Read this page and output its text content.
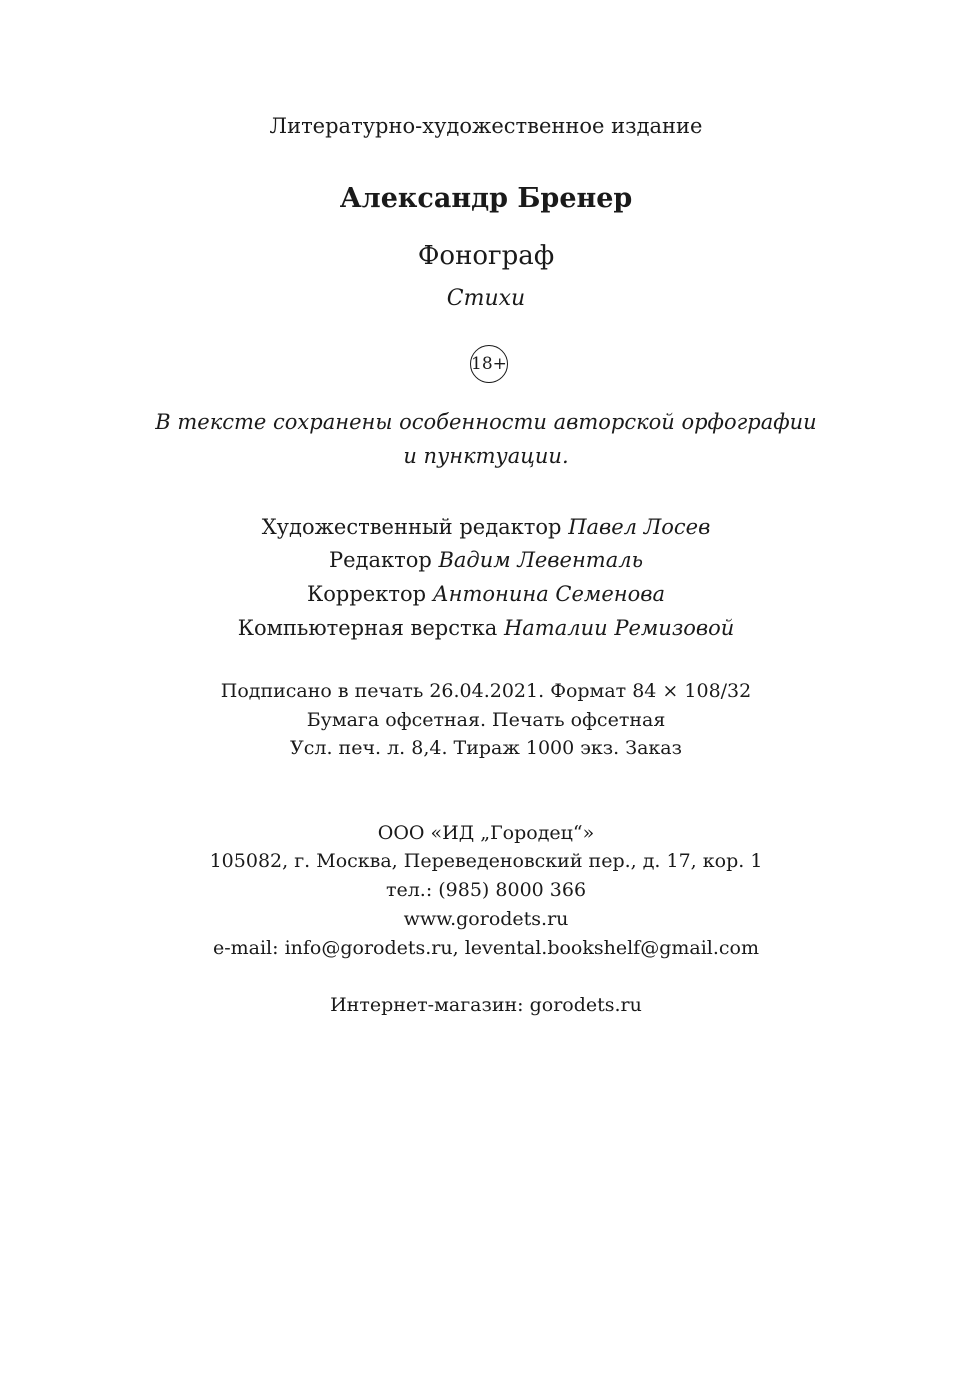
Литературно-художественное издание
Александр Бренер
Фонограф
Стихи
18+
В тексте сохранены особенности авторской орфографии
и пунктуации.
Художественный редактор Павел Лосев
Редактор Вадим Левенталь
Корректор Антонина Семенова
Компьютерная верстка Наталии Ремизовой
Подписано в печать 26.04.2021. Формат 84 × 108/32
Бумага офсетная. Печать офсетная
Усл. печ. л. 8,4. Тираж 1000 экз. Заказ
ООО «ИД „Городец“»
105082, г. Москва, Переведеновский пер., д. 17, кор. 1
тел.: (985) 8000 366
www.gorodets.ru
e-mail: info@gorodets.ru, levental.bookshelf@gmail.com
Интернет-магазин: gorodets.ru
